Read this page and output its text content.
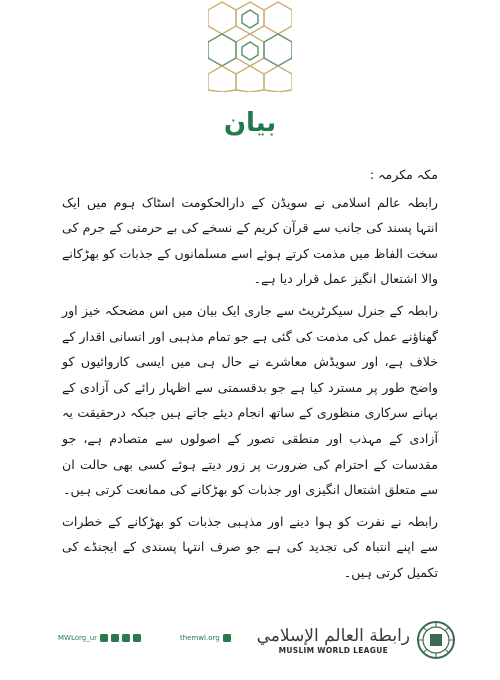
بیان

مکہ مکرمہ :

رابطہ عالم اسلامی نے سویڈن کے دارالحکومت اسٹاک ہوم میں ایک انتہا پسند کی جانب سے قرآن کریم کے نسخے کی بے حرمتی کے جرم کی سخت الفاظ میں مذمت کرتے ہوئے اسے مسلمانوں کے جذبات کو بھڑکانے والا اشتعال انگیز عمل قرار دیا ہے۔

رابطہ کے جنرل سیکرٹریٹ سے جاری ایک بیان میں اس مضحکہ خیز اور گھناؤنے عمل کی مذمت کی گئی ہے جو تمام مذہبی اور انسانی اقدار کے خلاف ہے، اور سویڈش معاشرے نے حال ہی میں ایسی کاروائیوں کو واضح طور پر مسترد کیا ہے جو بدقسمتی سے اظہار رائے کی آزادی کے بہانے سرکاری منظوری کے ساتھ انجام دیئے جاتے ہیں جبکہ درحقیقت یہ آزادی کے مہذب اور منطقی تصور کے اصولوں سے متصادم ہے، جو مقدسات کے احترام کی ضرورت پر زور دیتے ہوئے کسی بھی حالت ان سے متعلق اشتعال انگیزی اور جذبات کو بھڑکانے کی ممانعت کرتی ہیں۔

رابطہ نے نفرت کو ہوا دینے اور مذہبی جذبات کو بھڑکانے کے خطرات سے اپنے انتباہ کی تجدید کی ہے جو صرف انتہا پسندی کے ایجنڈے کی تکمیل کرتی ہیں۔

MWLorg_ur	themwl.org رابطة العالم الإسلامي
MUSLIM WORLD LEAGUE
